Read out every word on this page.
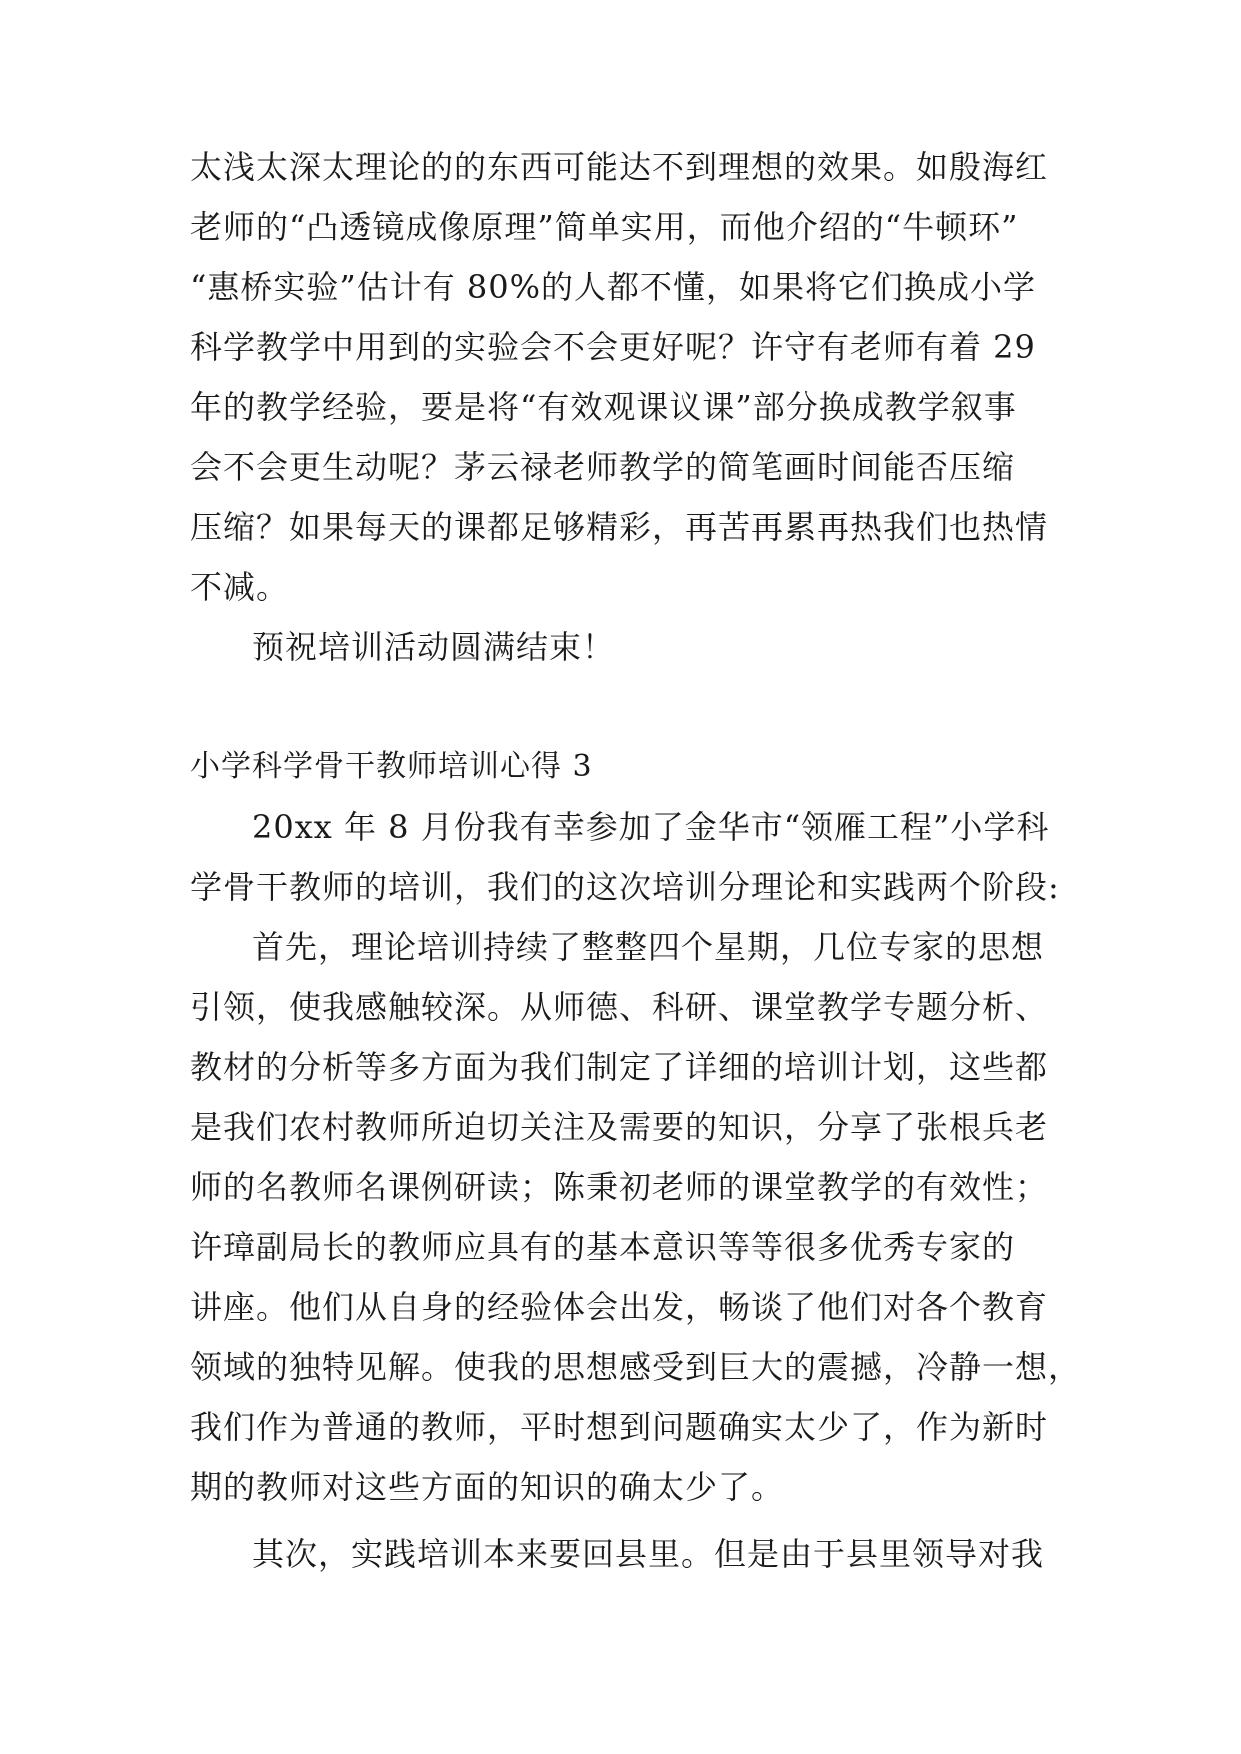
太浅太深太理论的的东西可能达不到理想的效果。如殷海红
老师的“凸透镜成像原理”简单实用，而他介绍的“牛顿环”
“惠桥实验”估计有 80%的人都不懂，如果将它们换成小学
科学教学中用到的实验会不会更好呢？许守有老师有着 29
年的教学经验，要是将“有效观课议课”部分换成教学叙事
会不会更生动呢？茅云禄老师教学的简笔画时间能否压缩
压缩？如果每天的课都足够精彩，再苦再累再热我们也热情
不减。
预祝培训活动圆满结束！
小学科学骨干教师培训心得 3
20xx 年 8 月份我有幸参加了金华市“领雁工程”小学科
学骨干教师的培训，我们的这次培训分理论和实践两个阶段:
首先，理论培训持续了整整四个星期，几位专家的思想
引领，使我感触较深。从师德、科研、课堂教学专题分析、
教材的分析等多方面为我们制定了详细的培训计划，这些都
是我们农村教师所迫切关注及需要的知识，分享了张根兵老
师的名教师名课例研读；陈秉初老师的课堂教学的有效性；
许璋副局长的教师应具有的基本意识等等很多优秀专家的
讲座。他们从自身的经验体会出发，畅谈了他们对各个教育
领域的独特见解。使我的思想感受到巨大的震撼，冷静一想，
我们作为普通的教师，平时想到问题确实太少了，作为新时
期的教师对这些方面的知识的确太少了。
其次，实践培训本来要回县里。但是由于县里领导对我
